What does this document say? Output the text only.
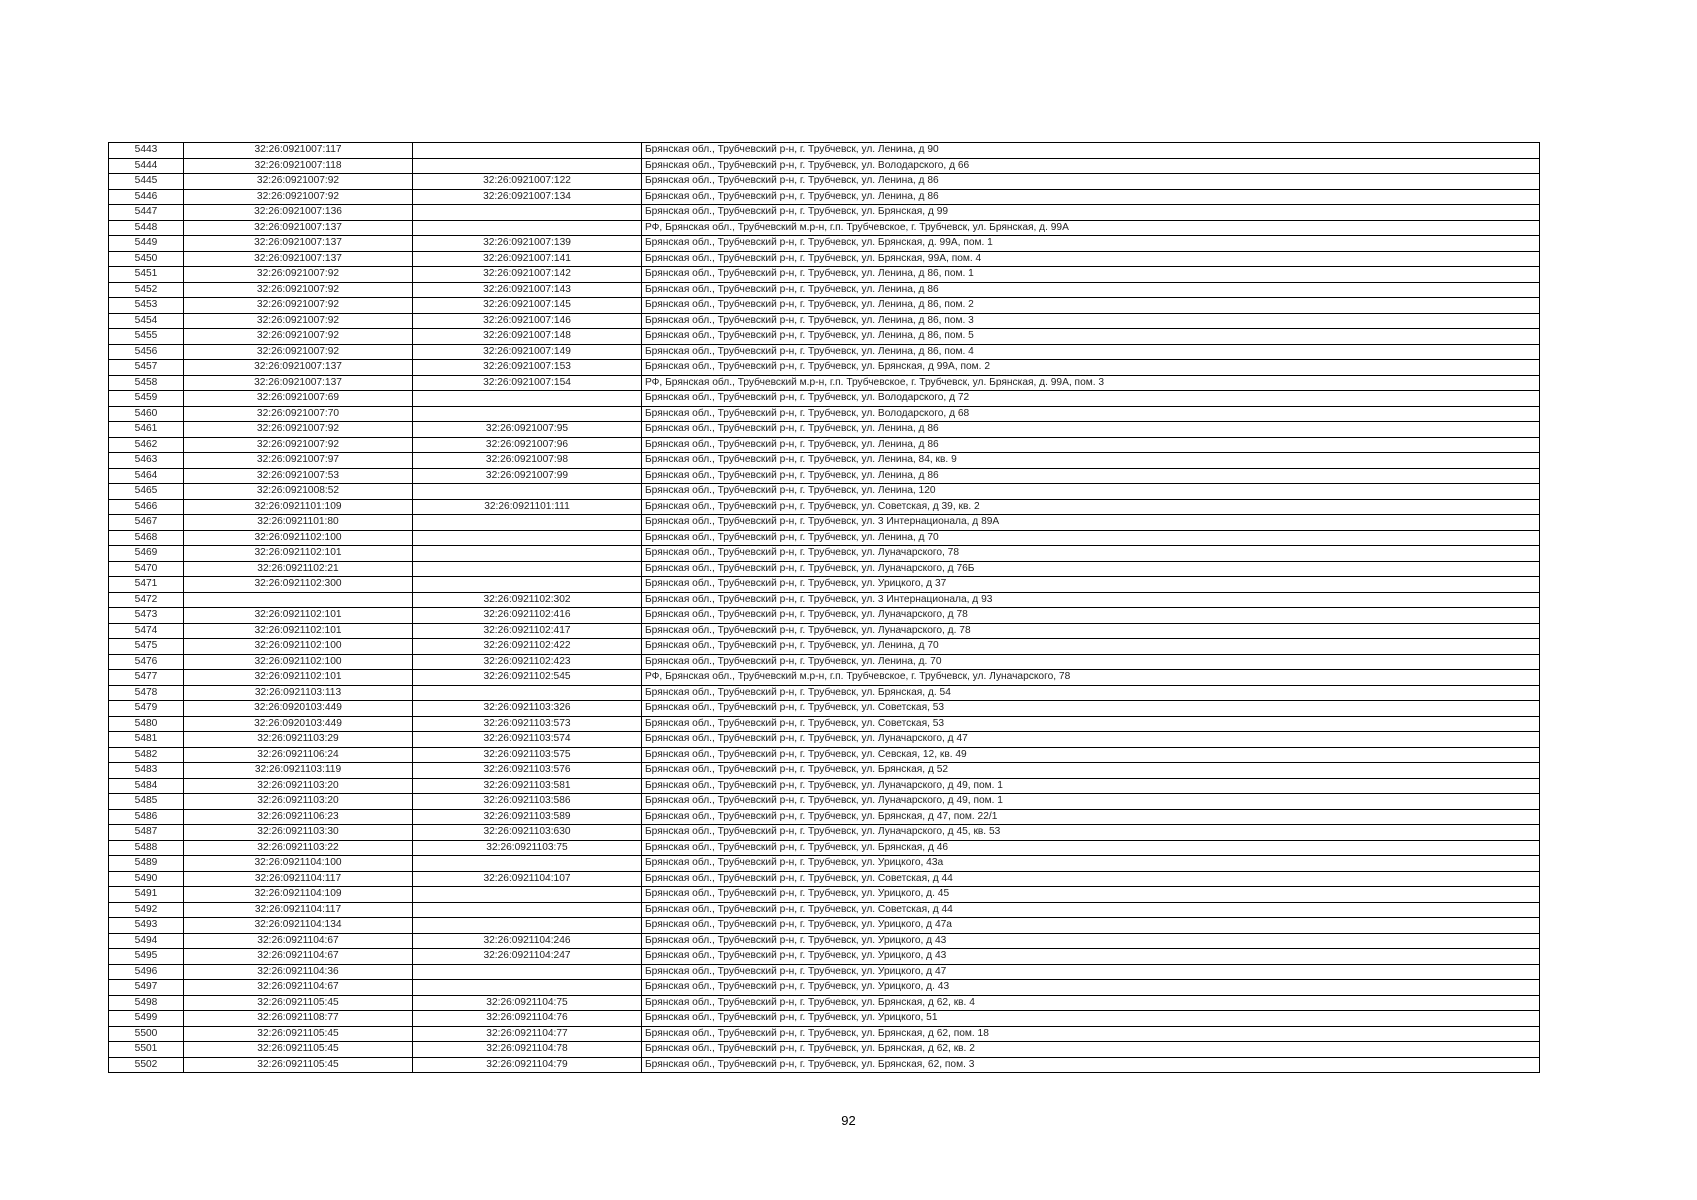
5443	32:26:0921007:117		Брянская обл., Трубчевский р-н, г. Трубчевск, ул. Ленина, д 90
5444	32:26:0921007:118		Брянская обл., Трубчевский р-н, г. Трубчевск, ул. Володарского, д 66
5445	32:26:0921007:92	32:26:0921007:122	Брянская обл., Трубчевский р-н, г. Трубчевск, ул. Ленина, д 86
5446	32:26:0921007:92	32:26:0921007:134	Брянская обл., Трубчевский р-н, г. Трубчевск, ул. Ленина, д 86
5447	32:26:0921007:136		Брянская обл., Трубчевский р-н, г. Трубчевск, ул. Брянская, д 99
5448	32:26:0921007:137		РФ, Брянская обл., Трубчевский м.р-н, г.п. Трубчевское, г. Трубчевск, ул. Брянская, д. 99А
5449	32:26:0921007:137	32:26:0921007:139	Брянская обл., Трубчевский р-н, г. Трубчевск, ул. Брянская, д. 99А, пом. 1
5450	32:26:0921007:137	32:26:0921007:141	Брянская обл., Трубчевский р-н, г. Трубчевск, ул. Брянская, 99А, пом. 4
5451	32:26:0921007:92	32:26:0921007:142	Брянская обл., Трубчевский р-н, г. Трубчевск, ул. Ленина, д 86, пом. 1
5452	32:26:0921007:92	32:26:0921007:143	Брянская обл., Трубчевский р-н, г. Трубчевск, ул. Ленина, д 86
5453	32:26:0921007:92	32:26:0921007:145	Брянская обл., Трубчевский р-н, г. Трубчевск, ул. Ленина, д 86, пом. 2
5454	32:26:0921007:92	32:26:0921007:146	Брянская обл., Трубчевский р-н, г. Трубчевск, ул. Ленина, д 86, пом. 3
5455	32:26:0921007:92	32:26:0921007:148	Брянская обл., Трубчевский р-н, г. Трубчевск, ул. Ленина, д 86, пом. 5
5456	32:26:0921007:92	32:26:0921007:149	Брянская обл., Трубчевский р-н, г. Трубчевск, ул. Ленина, д 86, пом. 4
5457	32:26:0921007:137	32:26:0921007:153	Брянская обл., Трубчевский р-н, г. Трубчевск, ул. Брянская, д 99А, пом. 2
5458	32:26:0921007:137	32:26:0921007:154	РФ, Брянская обл., Трубчевский м.р-н, г.п. Трубчевское, г. Трубчевск, ул. Брянская, д. 99А, пом. 3
5459	32:26:0921007:69		Брянская обл., Трубчевский р-н, г. Трубчевск, ул. Володарского, д 72
5460	32:26:0921007:70		Брянская обл., Трубчевский р-н, г. Трубчевск, ул. Володарского, д 68
5461	32:26:0921007:92	32:26:0921007:95	Брянская обл., Трубчевский р-н, г. Трубчевск, ул. Ленина, д 86
5462	32:26:0921007:92	32:26:0921007:96	Брянская обл., Трубчевский р-н, г. Трубчевск, ул. Ленина, д 86
5463	32:26:0921007:97	32:26:0921007:98	Брянская обл., Трубчевский р-н, г. Трубчевск, ул. Ленина, 84, кв. 9
5464	32:26:0921007:53	32:26:0921007:99	Брянская обл., Трубчевский р-н, г. Трубчевск, ул. Ленина, д 86
5465	32:26:0921008:52		Брянская обл., Трубчевский р-н, г. Трубчевск, ул. Ленина, 120
5466	32:26:0921101:109	32:26:0921101:111	Брянская обл., Трубчевский р-н, г. Трубчевск, ул. Советская, д 39, кв. 2
5467	32:26:0921101:80		Брянская обл., Трубчевский р-н, г. Трубчевск, ул. 3 Интернационала, д 89А
5468	32:26:0921102:100		Брянская обл., Трубчевский р-н, г. Трубчевск, ул. Ленина, д 70
5469	32:26:0921102:101		Брянская обл., Трубчевский р-н, г. Трубчевск, ул. Луначарского, 78
5470	32:26:0921102:21		Брянская обл., Трубчевский р-н, г. Трубчевск, ул. Луначарского, д 76Б
5471	32:26:0921102:300		Брянская обл., Трубчевский р-н, г. Трубчевск, ул. Урицкого, д 37
5472		32:26:0921102:302	Брянская обл., Трубчевский р-н, г. Трубчевск, ул. 3 Интернационала, д 93
5473	32:26:0921102:101	32:26:0921102:416	Брянская обл., Трубчевский р-н, г. Трубчевск, ул. Луначарского, д 78
5474	32:26:0921102:101	32:26:0921102:417	Брянская обл., Трубчевский р-н, г. Трубчевск, ул. Луначарского, д. 78
5475	32:26:0921102:100	32:26:0921102:422	Брянская обл., Трубчевский р-н, г. Трубчевск, ул. Ленина, д 70
5476	32:26:0921102:100	32:26:0921102:423	Брянская обл., Трубчевский р-н, г. Трубчевск, ул. Ленина, д. 70
5477	32:26:0921102:101	32:26:0921102:545	РФ, Брянская обл., Трубчевский м.р-н, г.п. Трубчевское, г. Трубчевск, ул. Луначарского, 78
5478	32:26:0921103:113		Брянская обл., Трубчевский р-н, г. Трубчевск, ул. Брянская, д. 54
5479	32:26:0920103:449	32:26:0921103:326	Брянская обл., Трубчевский р-н, г. Трубчевск, ул. Советская, 53
5480	32:26:0920103:449	32:26:0921103:573	Брянская обл., Трубчевский р-н, г. Трубчевск, ул. Советская, 53
5481	32:26:0921103:29	32:26:0921103:574	Брянская обл., Трубчевский р-н, г. Трубчевск, ул. Луначарского, д 47
5482	32:26:0921106:24	32:26:0921103:575	Брянская обл., Трубчевский р-н, г. Трубчевск, ул. Севская, 12, кв. 49
5483	32:26:0921103:119	32:26:0921103:576	Брянская обл., Трубчевский р-н, г. Трубчевск, ул. Брянская, д 52
5484	32:26:0921103:20	32:26:0921103:581	Брянская обл., Трубчевский р-н, г. Трубчевск, ул. Луначарского, д 49, пом. 1
5485	32:26:0921103:20	32:26:0921103:586	Брянская обл., Трубчевский р-н, г. Трубчевск, ул. Луначарского, д 49, пом. 1
5486	32:26:0921106:23	32:26:0921103:589	Брянская обл., Трубчевский р-н, г. Трубчевск, ул. Брянская, д 47, пом. 22/1
5487	32:26:0921103:30	32:26:0921103:630	Брянская обл., Трубчевский р-н, г. Трубчевск, ул. Луначарского, д 45, кв. 53
5488	32:26:0921103:22	32:26:0921103:75	Брянская обл., Трубчевский р-н, г. Трубчевск, ул. Брянская, д 46
5489	32:26:0921104:100		Брянская обл., Трубчевский р-н, г. Трубчевск, ул. Урицкого, 43а
5490	32:26:0921104:117	32:26:0921104:107	Брянская обл., Трубчевский р-н, г. Трубчевск, ул. Советская, д 44
5491	32:26:0921104:109		Брянская обл., Трубчевский р-н, г. Трубчевск, ул. Урицкого, д. 45
5492	32:26:0921104:117		Брянская обл., Трубчевский р-н, г. Трубчевск, ул. Советская, д 44
5493	32:26:0921104:134		Брянская обл., Трубчевский р-н, г. Трубчевск, ул. Урицкого, д 47а
5494	32:26:0921104:67	32:26:0921104:246	Брянская обл., Трубчевский р-н, г. Трубчевск, ул. Урицкого, д 43
5495	32:26:0921104:67	32:26:0921104:247	Брянская обл., Трубчевский р-н, г. Трубчевск, ул. Урицкого, д 43
5496	32:26:0921104:36		Брянская обл., Трубчевский р-н, г. Трубчевск, ул. Урицкого, д 47
5497	32:26:0921104:67		Брянская обл., Трубчевский р-н, г. Трубчевск, ул. Урицкого, д. 43
5498	32:26:0921105:45	32:26:0921104:75	Брянская обл., Трубчевский р-н, г. Трубчевск, ул. Брянская, д 62, кв. 4
5499	32:26:0921108:77	32:26:0921104:76	Брянская обл., Трубчевский р-н, г. Трубчевск, ул. Урицкого, 51
5500	32:26:0921105:45	32:26:0921104:77	Брянская обл., Трубчевский р-н, г. Трубчевск, ул. Брянская, д 62, пом. 18
5501	32:26:0921105:45	32:26:0921104:78	Брянская обл., Трубчевский р-н, г. Трубчевск, ул. Брянская, д 62, кв. 2
5502	32:26:0921105:45	32:26:0921104:79	Брянская обл., Трубчевский р-н, г. Трубчевск, ул. Брянская, 62, пом. 3
92
